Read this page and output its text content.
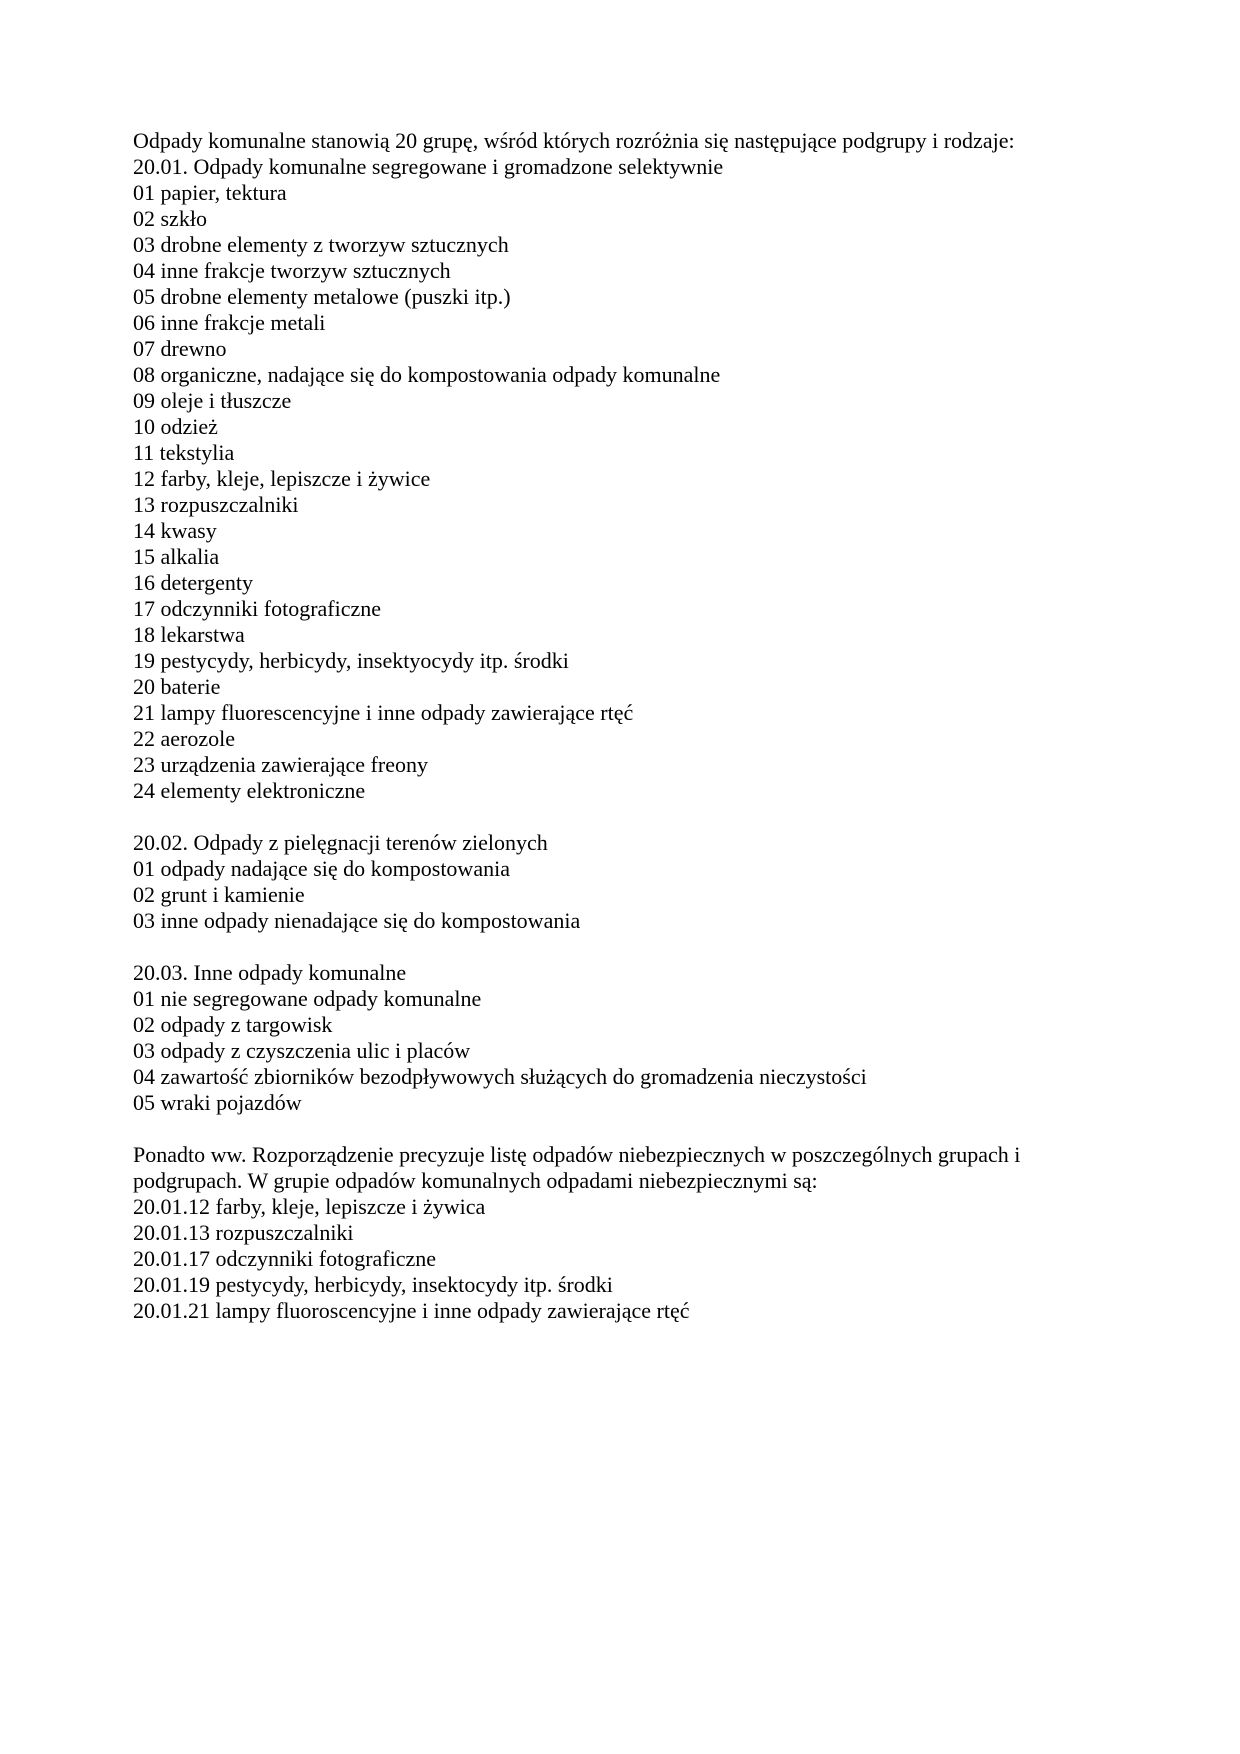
Odpady komunalne stanowią 20 grupę, wśród których rozróżnia się następujące podgrupy i rodzaje:

20.01. Odpady komunalne segregowane i gromadzone selektywnie
01 papier, tektura
02 szkło
03 drobne elementy z tworzyw sztucznych
04 inne frakcje tworzyw sztucznych
05 drobne elementy metalowe (puszki itp.)
06 inne frakcje metali
07 drewno
08 organiczne, nadające się do kompostowania odpady komunalne
09 oleje i tłuszcze
10 odzież
11 tekstylia
12 farby, kleje, lepiszcze i żywice
13 rozpuszczalniki
14 kwasy
15 alkalia
16 detergenty
17 odczynniki fotograficzne
18 lekarstwa
19 pestycydy, herbicydy, insektyocydy itp. środki
20 baterie
21 lampy fluorescencyjne i inne odpady zawierające rtęć
22 aerozole
23 urządzenia zawierające freony
24 elementy elektroniczne
20.02. Odpady z pielęgnacji terenów zielonych
01 odpady nadające się do kompostowania
02 grunt i kamienie
03 inne odpady nienadające się do kompostowania
20.03. Inne odpady komunalne
01 nie segregowane odpady komunalne
02 odpady z targowisk
03 odpady z czyszczenia ulic i placów
04 zawartość zbiorników bezodpływowych służących do gromadzenia nieczystości
05 wraki pojazdów

Ponadto ww. Rozporządzenie precyzuje listę odpadów niebezpiecznych w poszczególnych grupach i podgrupach. W grupie odpadów komunalnych odpadami niebezpiecznymi są:

20.01.12 farby, kleje, lepiszcze i żywica
20.01.13 rozpuszczalniki
20.01.17 odczynniki fotograficzne
20.01.19 pestycydy, herbicydy, insektocydy itp. środki
20.01.21 lampy fluoroscencyjne i inne odpady zawierające rtęć
